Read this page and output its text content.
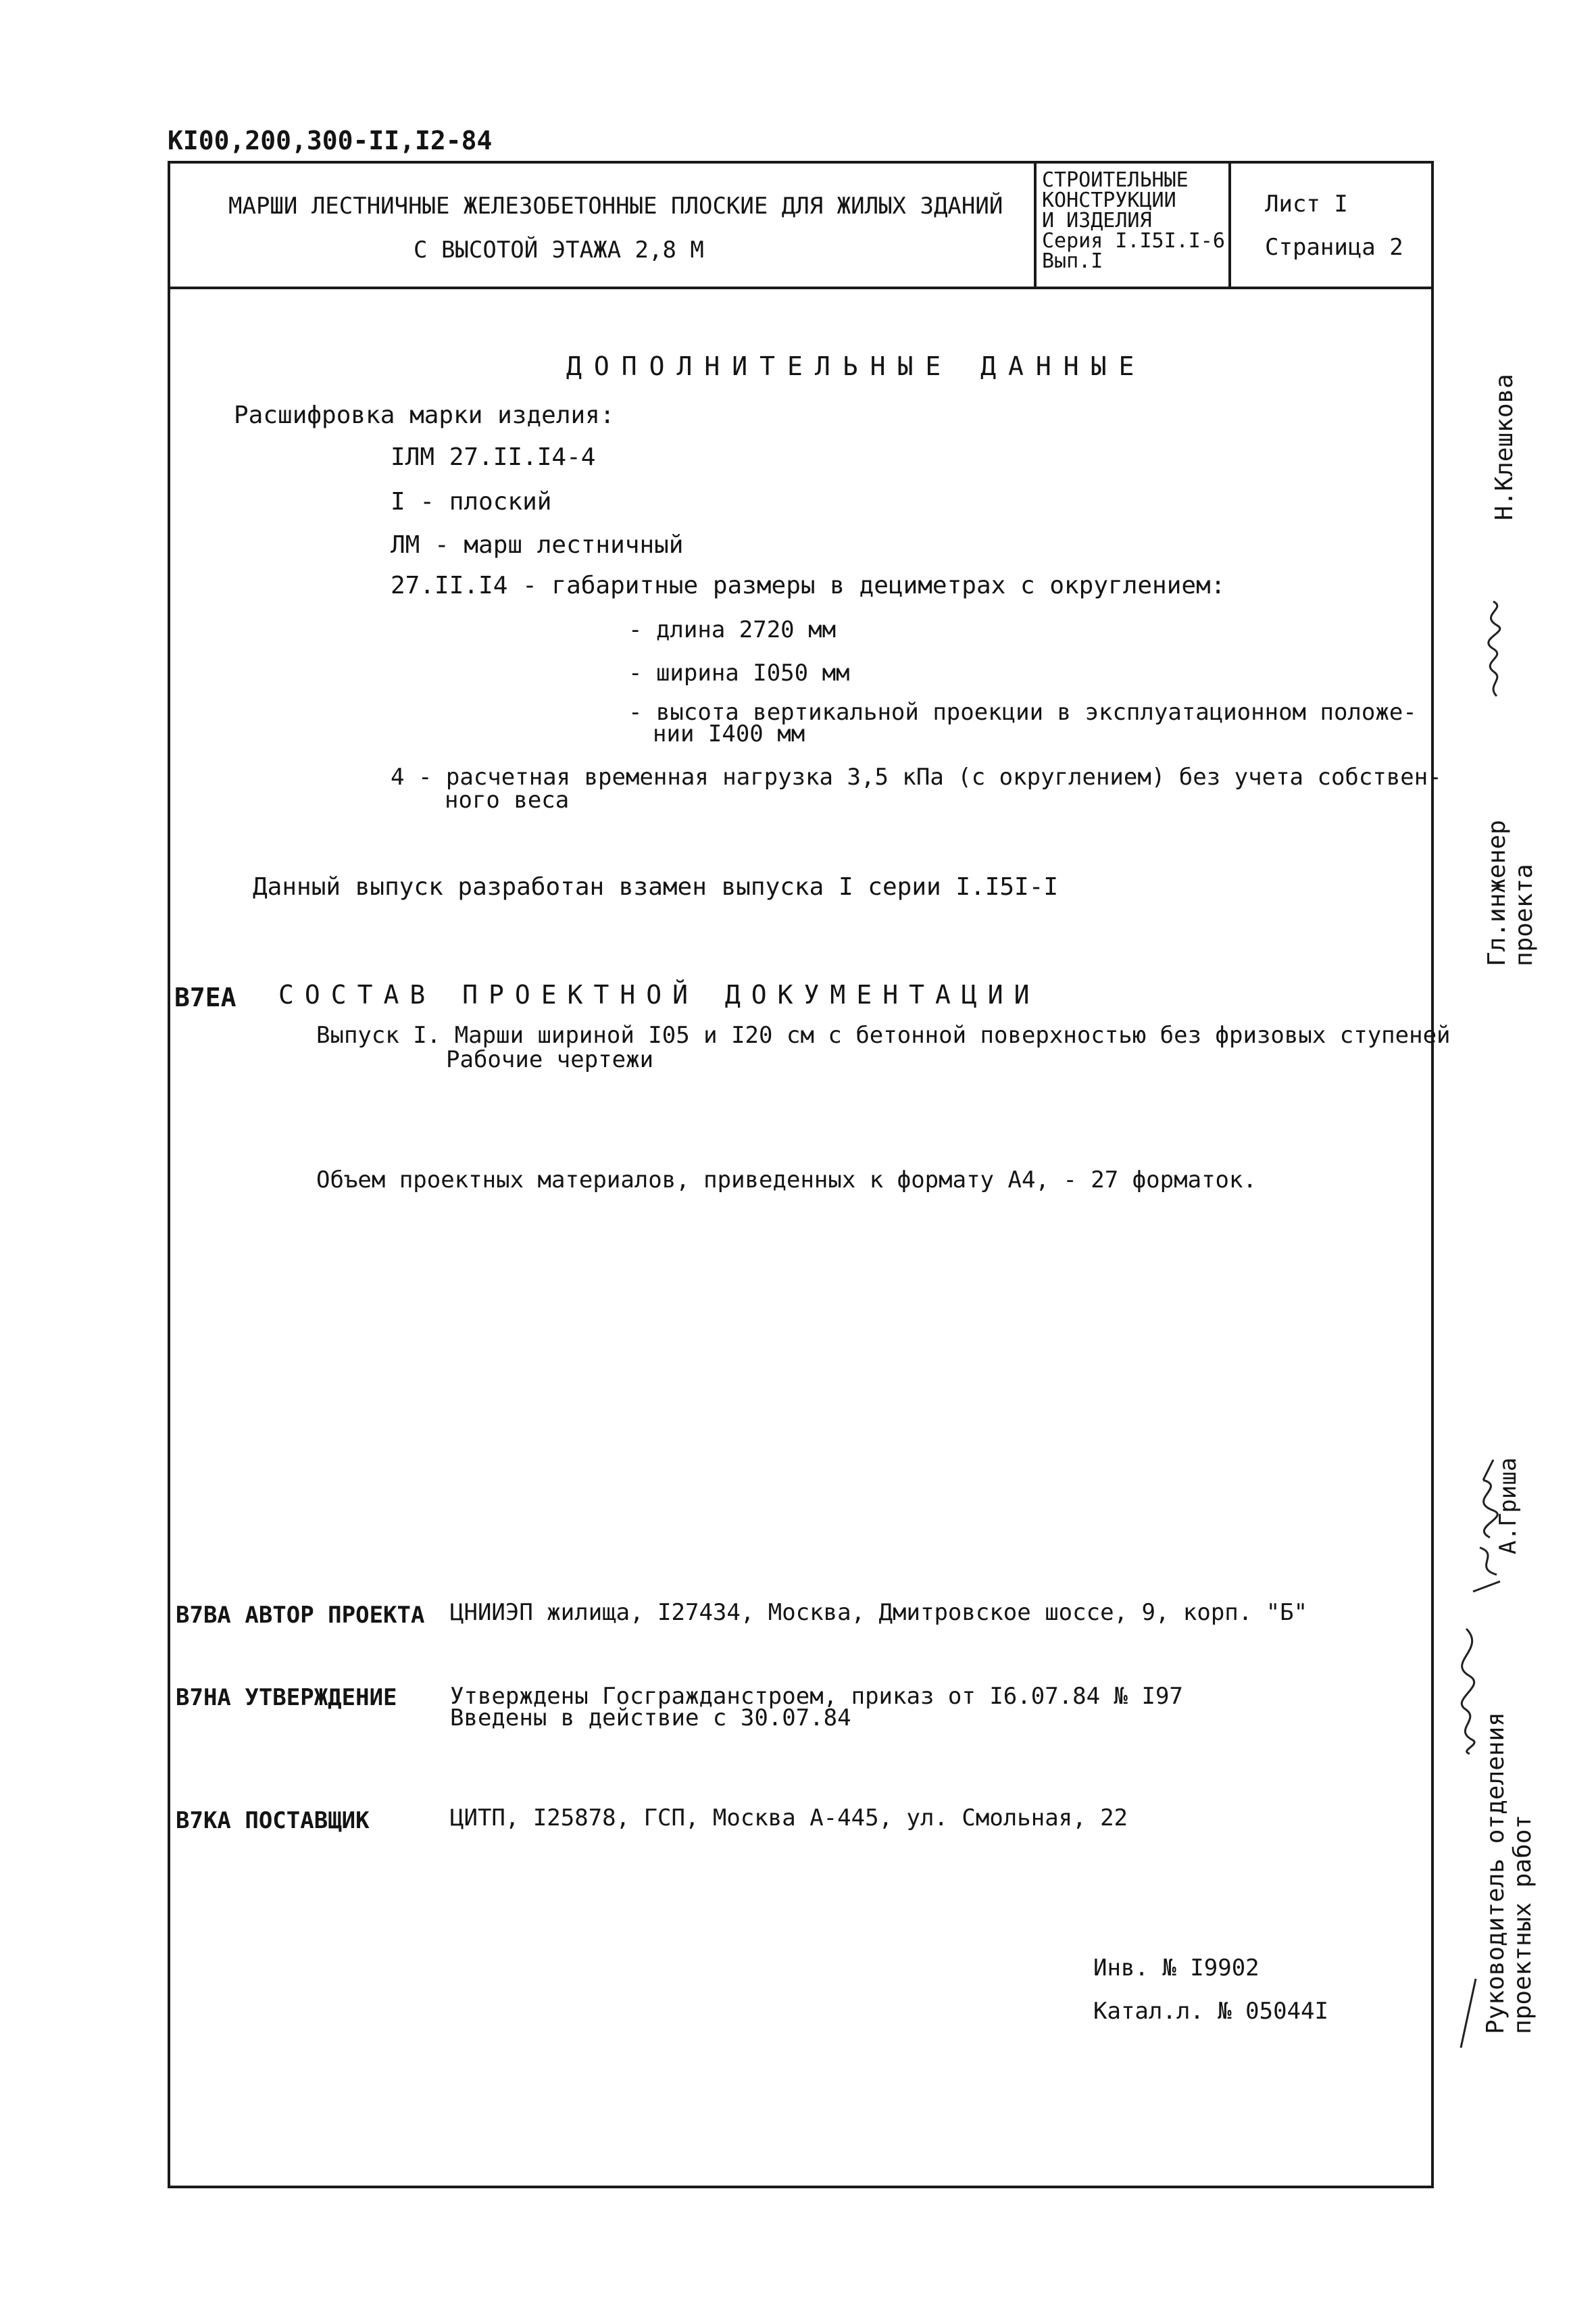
КI00,200,300-II,I2-84
МАРШИ ЛЕСТНИЧНЫЕ ЖЕЛЕЗОБЕТОННЫЕ ПЛОСКИЕ ДЛЯ ЖИЛЫХ ЗДАНИЙ
С ВЫСОТОЙ ЭТАЖА 2,8 М
СТРОИТЕЛЬНЫЕ
КОНСТРУКЦИИ
И ИЗДЕЛИЯ
Серия I.I5I.I-6
Вып.I
Лист I
Страница 2
ДОПОЛНИТЕЛЬНЫЕ ДАННЫЕ
Расшифровка марки изделия:
IЛМ 27.II.I4-4
I - плоский
ЛМ - марш лестничный
27.II.I4 - габаритные размеры в дециметрах с округлением:
- длина 2720 мм
- ширина I050 мм
- высота вертикальной проекции в эксплуатационном положе-
нии I400 мм
4 - расчетная временная нагрузка 3,5 кПа (с округлением) без учета собствен-
ного веса
Данный выпуск разработан взамен выпуска I серии I.I5I-I
В7ЕА СОСТАВ ПРОЕКТНОЙ ДОКУМЕНТАЦИИ
Выпуск I. Марши шириной I05 и I20 см с бетонной поверхностью без фризовых ступеней
Рабочие чертежи
Объем проектных материалов, приведенных к формату А4, - 27 форматок.
В7ВА АВТОР ПРОЕКТА ЦНИИЭП жилища, I27434, Москва, Дмитровское шоссе, 9, корп. "Б"
В7НА УТВЕРЖДЕНИЕ Утверждены Госгражданстроем, приказ от I6.07.84 № I97
Введены в действие с 30.07.84
В7КА ПОСТАВЩИК	ЦИТП, I25878, ГСП, Москва А-445, ул. Смольная, 22
Инв. № I9902
Катал.л. № 05044I
Н.Клешкова
Гл.инженер проекта
А.Гриша
Руководитель отделения проектных работ
